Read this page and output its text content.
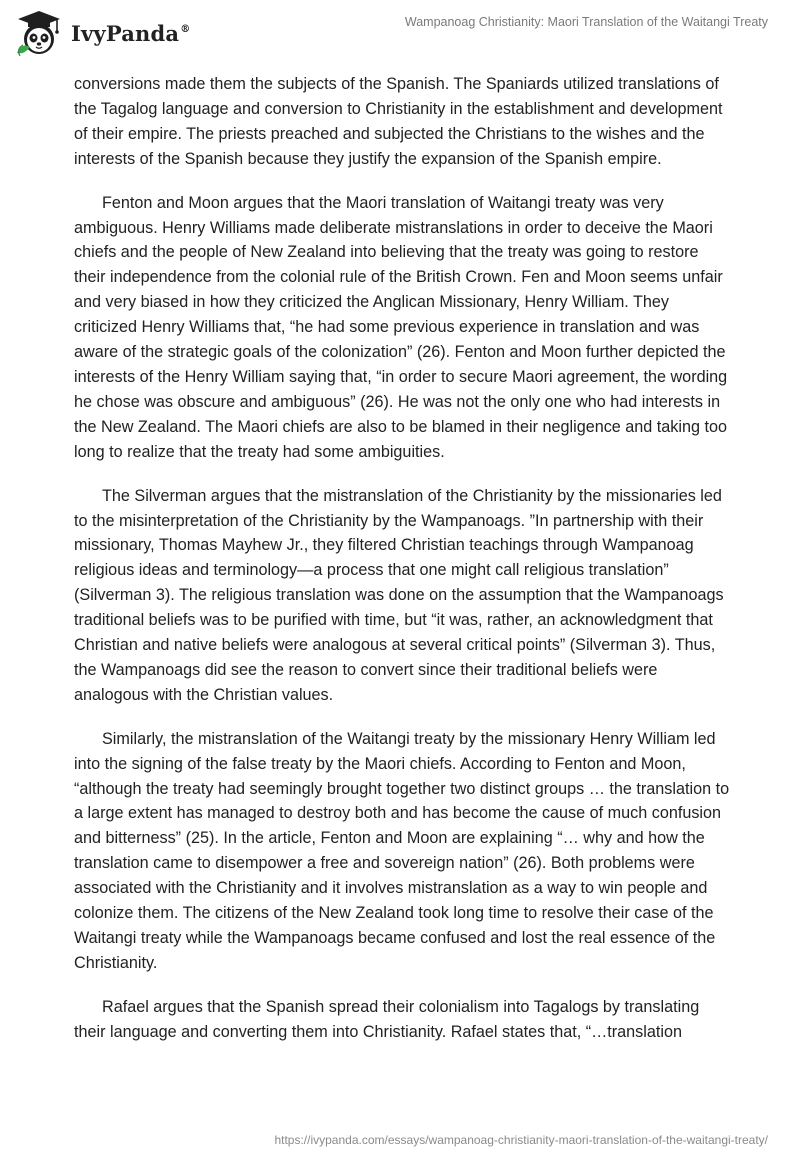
IvyPanda®	Wampanoag Christianity: Maori Translation of the Waitangi Treaty

conversions made them the subjects of the Spanish. The Spaniards utilized translations of the Tagalog language and conversion to Christianity in the establishment and development of their empire. The priests preached and subjected the Christians to the wishes and the interests of the Spanish because they justify the expansion of the Spanish empire.

Fenton and Moon argues that the Maori translation of Waitangi treaty was very ambiguous. Henry Williams made deliberate mistranslations in order to deceive the Maori chiefs and the people of New Zealand into believing that the treaty was going to restore their independence from the colonial rule of the British Crown. Fen and Moon seems unfair and very biased in how they criticized the Anglican Missionary, Henry William. They criticized Henry Williams that, “he had some previous experience in translation and was aware of the strategic goals of the colonization” (26). Fenton and Moon further depicted the interests of the Henry William saying that, “in order to secure Maori agreement, the wording he chose was obscure and ambiguous” (26). He was not the only one who had interests in the New Zealand. The Maori chiefs are also to be blamed in their negligence and taking too long to realize that the treaty had some ambiguities.

The Silverman argues that the mistranslation of the Christianity by the missionaries led to the misinterpretation of the Christianity by the Wampanoags. ”In partnership with their missionary, Thomas Mayhew Jr., they filtered Christian teachings through Wampanoag religious ideas and terminology—a process that one might call religious translation” (Silverman 3). The religious translation was done on the assumption that the Wampanoags traditional beliefs was to be purified with time, but “it was, rather, an acknowledgment that Christian and native beliefs were analogous at several critical points” (Silverman 3). Thus, the Wampanoags did see the reason to convert since their traditional beliefs were analogous with the Christian values.

Similarly, the mistranslation of the Waitangi treaty by the missionary Henry William led into the signing of the false treaty by the Maori chiefs. According to Fenton and Moon, “although the treaty had seemingly brought together two distinct groups … the translation to a large extent has managed to destroy both and has become the cause of much confusion and bitterness” (25). In the article, Fenton and Moon are explaining “… why and how the translation came to disempower a free and sovereign nation” (26). Both problems were associated with the Christianity and it involves mistranslation as a way to win people and colonize them. The citizens of the New Zealand took long time to resolve their case of the Waitangi treaty while the Wampanoags became confused and lost the real essence of the Christianity.

Rafael argues that the Spanish spread their colonialism into Tagalogs by translating their language and converting them into Christianity. Rafael states that, “…translation

https://ivypanda.com/essays/wampanoag-christianity-maori-translation-of-the-waitangi-treaty/
